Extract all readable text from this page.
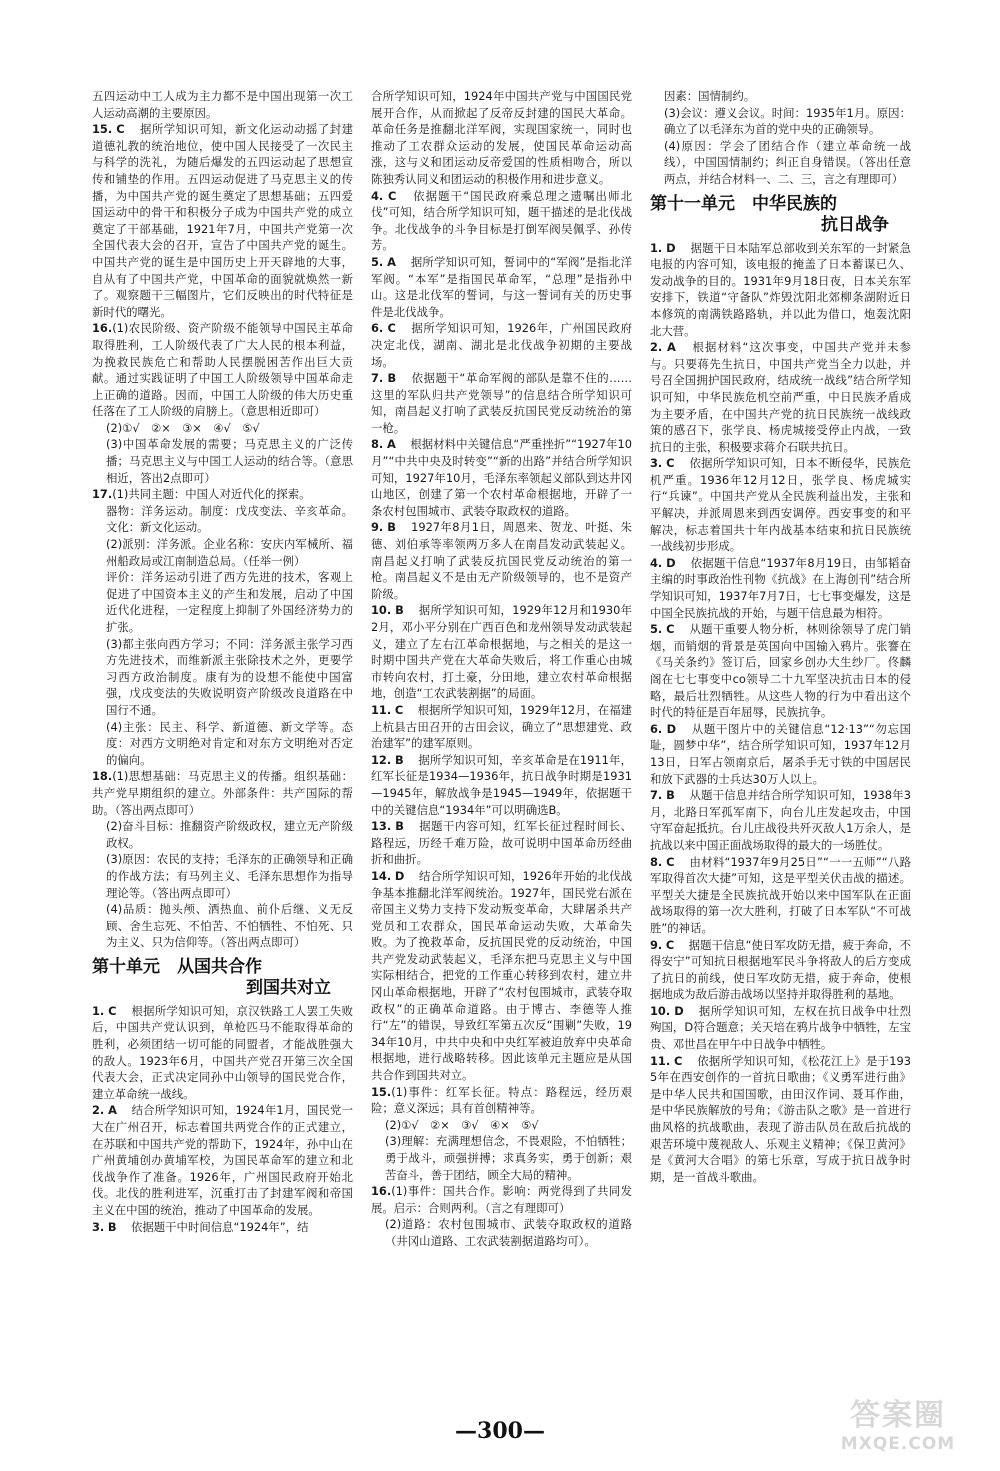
五四运动中工人成为主力都不是中国出现第一次工人运动高潮的主要原因。

15. C　 据所学知识可知，新文化运动动摇了封建道德礼教的统治地位，使中国人民接受了一次民主与科学的洗礼，为随后爆发的五四运动起了思想宣传和铺垫的作用。五四运动促进了马克思主义的传播，为中国共产党的诞生奠定了思想基础；五四爱国运动中的骨干和积极分子成为中国共产党的成立奠定了干部基础，1921年7月，中国共产党第一次全国代表大会的召开，宣告了中国共产党的诞生。中国共产党的诞生是中国历史上开天辟地的大事，自从有了中国共产党，中国革命的面貌就焕然一新了。观察题干三幅图片，它们反映出的时代特征是新时代的曙光。

16.(1)农民阶级、资产阶级不能领导中国民主革命取得胜利，工人阶级代表了广大人民的根本利益，为挽救民族危亡和帮助人民摆脱困苦作出巨大贡献。通过实践证明了中国工人阶级领导中国革命走上正确的道路。因而，中国工人阶级的伟大历史重任落在了工人阶级的肩膀上。（意思相近即可）

(2)①√　②×　③×　④√　⑤√

(3)中国革命发展的需要；马克思主义的广泛传播；马克思主义与中国工人运动的结合等。（意思相近，答出2点即可）

17.(1)共同主题：中国人对近代化的探索。

器物：洋务运动。制度：戊戌变法、辛亥革命。文化：新文化运动。

(2)派别：洋务派。企业名称：安庆内军械所、福州船政局或江南制造总局。（任举一例）

评价：洋务运动引进了西方先进的技术，客观上促进了中国资本主义的产生和发展，启动了中国近代化进程，一定程度上抑制了外国经济势力的扩张。

(3)都主张向西方学习；不同：洋务派主张学习西方先进技术，而维新派主张除技术之外，更要学习西方政治制度。康有为的设想不能使中国富强，戊戌变法的失败说明资产阶级改良道路在中国行不通。

(4)主张：民主、科学、新道德、新文学等。态度：对西方文明绝对肯定和对东方文明绝对否定的偏向。

18.(1)思想基础：马克思主义的传播。组织基础：共产党早期组织的建立。外部条件：共产国际的帮助。（答出两点即可）

(2)奋斗目标：推翻资产阶级政权，建立无产阶级政权。

(3)原因：农民的支持；毛泽东的正确领导和正确的作战方法；有马列主义、毛泽东思想作为指导理论等。（答出两点即可）

(4)品质：抛头颅、洒热血、前仆后继、义无反顾、舍生忘死、不怕苦、不怕牺牲、不怕死、只为主义、只为信仰等。（答出两点即可）

第十单元　从国共合作
到国共对立

1. C　 根据所学知识可知，京汉铁路工人罢工失败后，中国共产党认识到，单枪匹马不能取得革命的胜利，必须团结一切可能的同盟者，才能战胜强大的敌人。1923年6月，中国共产党召开第三次全国代表大会，正式决定同孙中山领导的国民党合作，建立革命统一战线。

2. A　 结合所学知识可知，1924年1月，国民党一大在广州召开，标志着国共两党合作的正式建立，在苏联和中国共产党的帮助下，1924年，孙中山在广州黄埔创办黄埔军校，为国民革命军的建立和北伐战争作了准备。1926年，广州国民政府开始北伐。北伐的胜利进军，沉重打击了封建军阀和帝国主义在中国的统治，推动了中国革命的发展。

3. B　 依据题干中时间信息“1924年”，结

合所学知识可知，1924年中国共产党与中国国民党展开合作，从而掀起了反帝反封建的国民大革命。革命任务是推翻北洋军阀，实现国家统一，同时也推动了工农群众运动的发展，使国民革命运动高涨，这与义和团运动反帝爱国的性质相吻合，所以陈独秀认同义和团运动的积极作用和进步意义。

4. C　 依据题干“国民政府乘总理之遗嘱出师北伐”可知，结合所学知识可知，题干描述的是北伐战争。北伐战争的斗争目标是打倒军阀吴佩孚、孙传芳。

5. A　 据所学知识可知，誓词中的“军阀”是指北洋军阀。“本军”是指国民革命军，“总理”是指孙中山。这是北伐军的誓词，与这一誓词有关的历史事件是北伐战争。

6. C　 据所学知识可知，1926年，广州国民政府决定北伐，湖南、湖北是北伐战争初期的主要战场。

7. B　 依据题干“革命军阀的部队是靠不住的……这里的军队归共产党领导”的信息结合所学知识可知，南昌起义打响了武装反抗国民党反动统治的第一枪。

8. A　 根据材料中关键信息“严重挫折”“1927年10月”“中共中央及时转变”“新的出路”并结合所学知识可知，1927年10月，毛泽东率领起义部队到达井冈山地区，创建了第一个农村革命根据地，开辟了一条农村包围城市、武装夺取政权的道路。

9. B　 1927年8月1日，周恩来、贺龙、叶挺、朱德、刘伯承等率领两万多人在南昌发动武装起义。南昌起义打响了武装反抗国民党反动统治的第一枪。南昌起义不是由无产阶级领导的，也不是资产阶级。

10. B　 据所学知识可知，1929年12月和1930年2月，邓小平分别在广西百色和龙州领导发动武装起义，建立了左右江革命根据地，与之相关的是这一时期中国共产党在大革命失败后，将工作重心由城市转向农村，打土豪，分田地，建立农村革命根据地，创造“工农武装割据”的局面。

11. C　 根据所学知识可知，1929年12月，在福建上杭县古田召开的古田会议，确立了“思想建党、政治建军”的建军原则。

12. B　 据所学知识可知，辛亥革命是在1911年，红军长征是1934—1936年，抗日战争时期是1931—1945年，解放战争是1945—1949年，依据题干中的关键信息“1934年”可以明确选B。

13. B　 据题干内容可知，红军长征过程时间长、路程远，历经千难万险，故可说明中国革命历经曲折和曲折。

14. D　 结合所学知识可知，1926年开始的北伐战争基本推翻北洋军阀统治。1927年，国民党右派在帝国主义势力支持下发动叛变革命，大肆屠杀共产党员和工农群众，国民革命运动失败，大革命失败。为了挽救革命，反抗国民党的反动统治，中国共产党发动武装起义，毛泽东把马克思主义与中国实际相结合，把党的工作重心转移到农村，建立井冈山革命根据地，开辟了“农村包围城市，武装夺取政权”的正确革命道路。由于博古、李德等人推行“左”的错误，导致红军第五次反“围剿”失败，1934年10月，中共中央和中央红军被迫放弃中央革命根据地，进行战略转移。因此该单元主题应是从国共合作到国共对立。

15.(1)事件：红军长征。特点：路程远，经历艰险；意义深远；具有首创精神等。

(2)①√　②×　③√　④×　⑤√

(3)理解：充满理想信念，不畏艰险，不怕牺牲；勇于战斗，顽强拼搏；求真务实，勇于创新；艰苦奋斗，善于团结，顾全大局的精神。

16.(1)事件：国共合作。影响：两党得到了共同发展。启示：合则两利。（言之有理即可）

(2)道路：农村包围城市、武装夺取政权的道路（井冈山道路、工农武装割据道路均可）。

因素：国情制约。

(3)会议：遵义会议。时间：1935年1月。原因：确立了以毛泽东为首的党中央的正确领导。

(4)原因：学会了团结合作（建立革命统一战线），中国国情制约；纠正自身错误。（答出任意两点，并结合材料一、二、三，言之有理即可）

第十一单元　中华民族的
抗日战争

1. D　 据题干日本陆军总部收到关东军的一封紧急电报的内容可知，该电报的掩盖了日本蓄谋已久、发动战争的目的。1931年9月18日夜，日本关东军安排下，铁道“守备队”炸毁沈阳北郊柳条湖附近日本修筑的南满铁路路轨，并以此为借口，炮轰沈阳北大营。

2. A　 根据材料“这次事变，中国共产党并未参与。只要蒋先生抗日，中国共产党当全力以赴，并号召全国拥护国民政府，结成统一战线”结合所学知识可知，中华民族危机空前严重，中日民族矛盾成为主要矛盾，在中国共产党的抗日民族统一战线政策的感召下，张学良、杨虎城接受停止内战，一致抗日的主张，积极要求蒋介石联共抗日。

3. C　 依据所学知识可知，日本不断侵华，民族危机严重。1936年12月12日，张学良、杨虎城实行“兵谏”。中国共产党从全民族利益出发，主张和平解决，并派周恩来到西安调停。西安事变的和平解决，标志着国共十年内战基本结束和抗日民族统一战线初步形成。

4. D　 依据题干信息“1937年8月19日，由邹韬奋主编的时事政治性刊物《抗战》在上海创刊”结合所学知识可知，1937年7月7日，七七事变爆发，这是中国全民族抗战的开始，与题干信息最为相符。

5. C　 从题干重要人物分析，林则徐领导了虎门销烟，而销烟的背景是英国向中国输入鸦片。张謇在《马关条约》签订后，回家乡创办大生纱厂。佟麟阁在七七事变中со领导二十九军坚决抗击日本的侵略，最后壮烈牺牲。从这些人物的行为中看出这个时代的特征是百年屈辱，民族抗争。

6. D　 从题干图片中的关键信息“12·13”“勿忘国耻，圆梦中华”，结合所学知识可知，1937年12月13日，日军占领南京后，屠杀手无寸铁的中国居民和放下武器的士兵达30万人以上。

7. B　 从题干信息并结合所学知识可知，1938年3月，北路日军孤军南下，向台儿庄发起攻击，中国守军奋起抵抗。台儿庄战役共歼灭敌人1万余人，是抗战以来中国正面战场取得的最大的一场胜仗。

8. C　 由材料“1937年9月25日”“一一五师”“八路军取得首次大捷”可知，这是平型关伏击战的描述。平型关大捷是全民族抗战开始以来中国军队在正面战场取得的第一次大胜利，打破了日本军队“不可战胜”的神话。

9. C　 据题干信息“使日军攻防无措，疲于奔命，不得安宁”可知抗日根据地军民斗争将敌人的后方变成了抗日的前线，使日军攻防无措，疲于奔命，使根据地成为敌后游击战场以坚持并取得胜利的基地。

10. D　 据所学知识可知，左权在抗日战争中壮烈殉国，D符合题意；关天培在鸦片战争中牺牲，左宝贵、邓世昌在甲午中日战争中牺牲。

11. C　 依据所学知识可知，《松花江上》是于1935年在西安创作的一首抗日歌曲；《义勇军进行曲》是中华人民共和国国歌，由田汉作词、聂耳作曲，是中华民族解放的号角；《游击队之歌》是一首进行曲风格的抗战歌曲，表现了游击队员在敌后抗战的艰苦环境中蔑视敌人、乐观主义精神；《保卫黄河》是《黄河大合唱》的第七乐章，写成于抗日战争时期，是一首战斗歌曲。

—300—	答案圈
MXQE.COM
